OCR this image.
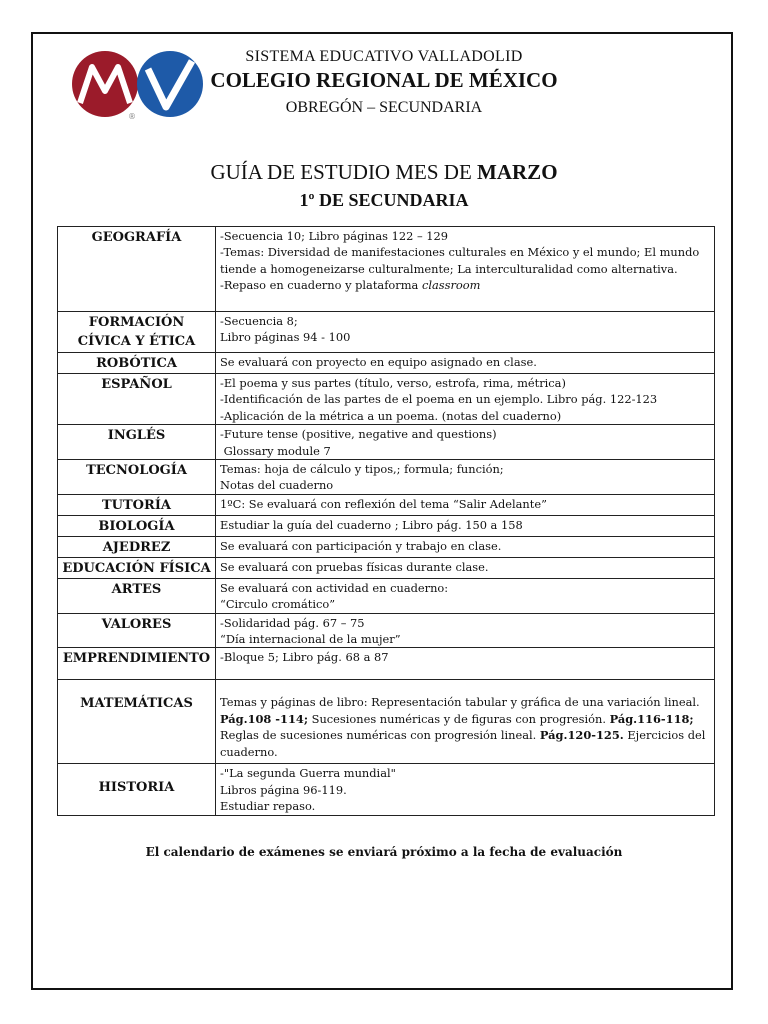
®
SISTEMA EDUCATIVO VALLADOLID
COLEGIO REGIONAL DE MÉXICO
OBREGÓN – SECUNDARIA
GUÍA DE ESTUDIO MES DE MARZO
1º DE SECUNDARIA
GEOGRAFÍA	-Secuencia 10; Libro páginas 122 – 129
-Temas: Diversidad de manifestaciones culturales en México y el mundo; El mundo tiende a homogeneizarse culturalmente; La interculturalidad como alternativa.
-Repaso en cuaderno y plataforma classroom

FORMACIÓN
CÍVICA Y ÉTICA	-Secuencia 8;
Libro páginas 94 - 100

ROBÓTICA	Se evaluará con proyecto en equipo asignado en clase.

ESPAÑOL	-El poema y sus partes (título, verso, estrofa, rima, métrica)
-Identificación de las partes de el poema en un ejemplo. Libro pág. 122-123
-Aplicación de la métrica a un poema. (notas del cuaderno)

INGLÉS	-Future tense (positive, negative and questions)
Glossary module 7

TECNOLOGÍA	Temas: hoja de cálculo y tipos,; formula; función;
Notas del cuaderno

TUTORÍA	1ºC: Se evaluará con reflexión del tema “Salir Adelante”

BIOLOGÍA	Estudiar la guía del cuaderno ; Libro pág. 150 a 158

AJEDREZ	Se evaluará con participación y trabajo en clase.

EDUCACIÓN FÍSICA	Se evaluará con pruebas físicas durante clase.

ARTES	Se evaluará con actividad en cuaderno:
“Circulo cromático”

VALORES	-Solidaridad pág. 67 – 75
“Día internacional de la mujer”

EMPRENDIMIENTO	-Bloque 5; Libro pág. 68 a 87

MATEMÁTICAS	Temas y páginas de libro: Representación tabular y gráfica de una variación lineal. Pág.108 -114; Sucesiones numéricas y de figuras con progresión. Pág.116-118; Reglas de sucesiones numéricas con progresión lineal. Pág.120-125. Ejercicios del cuaderno.

HISTORIA	-"La segunda Guerra mundial"
Libros página 96-119.
Estudiar repaso.
El calendario de exámenes se enviará próximo a la fecha de evaluación
